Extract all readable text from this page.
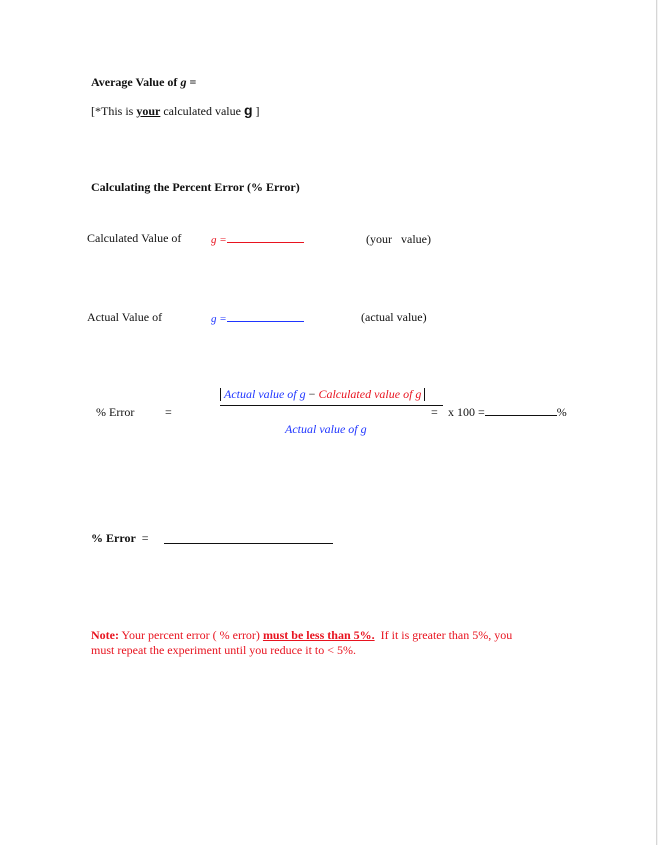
Average Value of g =
[*This is your calculated value g ]
Calculating the Percent Error (% Error)
Calculated Value of	g =	(your   value)
Actual Value of	g =	(actual value)
% Error	=
Actual value of g − Calculated value of g
Actual value of g
= x 100 =	%
% Error =
Note: Your percent error ( % error) must be less than 5%.  If it is greater than 5%, you
must repeat the experiment until you reduce it to < 5%.
